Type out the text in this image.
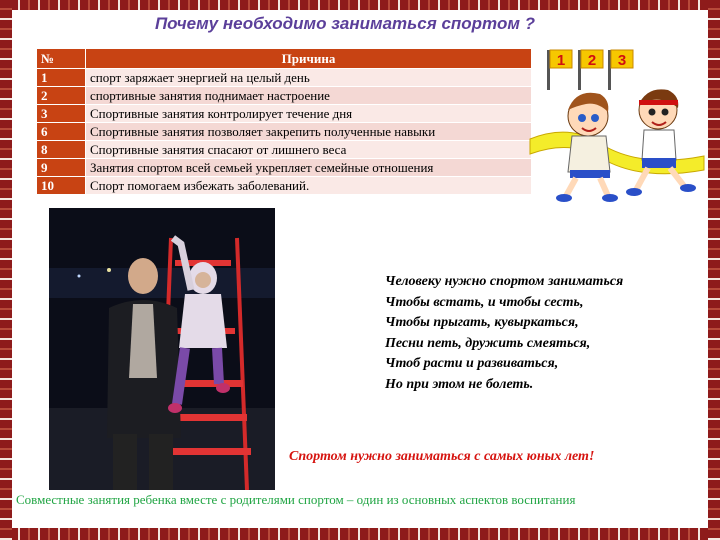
Почему необходимо заниматься спортом ?
№	Причина
1	спорт заряжает энергией на целый день
2	спортивные занятия поднимает настроение
3	Спортивные занятия контролирует течение дня
6	Спортивные занятия позволяет закрепить полученные навыки
8	Спортивные занятия спасают от лишнего веса
9	Занятия спортом всей семьей укрепляет семейные отношения
10	Спорт помогаем избежать заболеваний.
1 2 3
Человеку нужно спортом заниматься
Чтобы встать, и чтобы сесть,
Чтобы прыгать, кувыркаться,
Песни петь, дружить смеяться,
Чтоб расти и развиваться,
Но при этом не болеть.
Спортом нужно заниматься с самых юных лет!
Совместные занятия ребенка вместе с родителями спортом – один из основных аспектов воспитания
